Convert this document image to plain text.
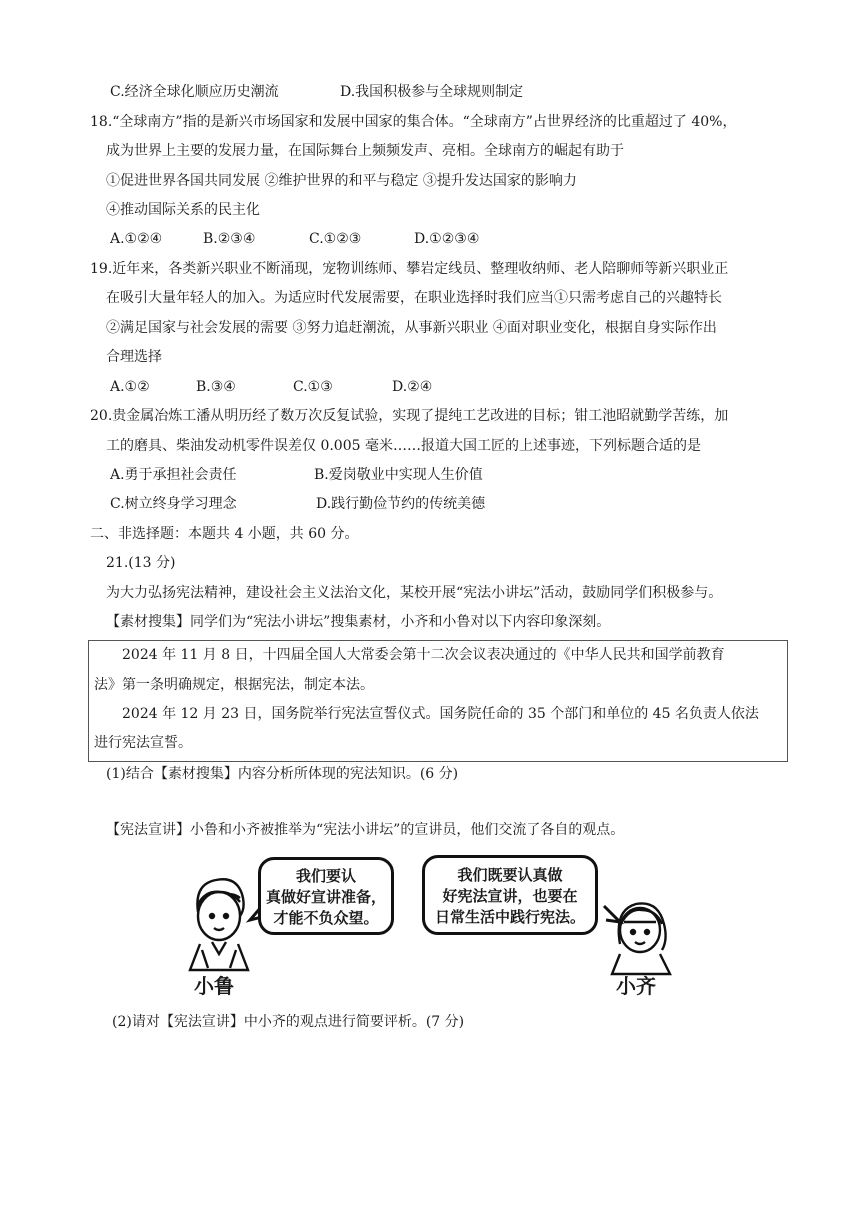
C.经济全球化顺应历史潮流	D.我国积极参与全球规则制定
18.“全球南方”指的是新兴市场国家和发展中国家的集合体。“全球南方”占世界经济的比重超过了 40%，
成为世界上主要的发展力量，在国际舞台上频频发声、亮相。全球南方的崛起有助于
①促进世界各国共同发展 ②维护世界的和平与稳定 ③提升发达国家的影响力
④推动国际关系的民主化
A.①②④	B.②③④	C.①②③	D.①②③④
19.近年来，各类新兴职业不断涌现，宠物训练师、攀岩定线员、整理收纳师、老人陪聊师等新兴职业正
在吸引大量年轻人的加入。为适应时代发展需要，在职业选择时我们应当①只需考虑自己的兴趣特长
②满足国家与社会发展的需要 ③努力追赶潮流，从事新兴职业 ④面对职业变化，根据自身实际作出
合理选择
A.①②	B.③④	C.①③	D.②④
20.贵金属冶炼工潘从明历经了数万次反复试验，实现了提纯工艺改进的目标；钳工池昭就勤学苦练，加
工的磨具、柴油发动机零件误差仅 0.005 毫米……报道大国工匠的上述事迹，下列标题合适的是
A.勇于承担社会责任	B.爱岗敬业中实现人生价值
C.树立终身学习理念	D.践行勤俭节约的传统美德
二、非选择题：本题共 4 小题，共 60 分。
21.(13 分)
为大力弘扬宪法精神，建设社会主义法治文化，某校开展“宪法小讲坛”活动，鼓励同学们积极参与。
【素材搜集】同学们为“宪法小讲坛”搜集素材，小齐和小鲁对以下内容印象深刻。
2024 年 11 月 8 日，十四届全国人大常委会第十二次会议表决通过的《中华人民共和国学前教育
法》第一条明确规定，根据宪法，制定本法。
2024 年 12 月 23 日，国务院举行宪法宣誓仪式。国务院任命的 35 个部门和单位的 45 名负责人依法
进行宪法宣誓。
(1)结合【素材搜集】内容分析所体现的宪法知识。(6 分)
【宪法宣讲】小鲁和小齐被推举为“宪法小讲坛”的宣讲员，他们交流了各自的观点。
我们要认
真做好宣讲准备，
才能不负众望。
我们既要认真做
好宪法宣讲，也要在
日常生活中践行宪法。
小鲁	小齐
(2)请对【宪法宣讲】中小齐的观点进行简要评析。(7 分)
